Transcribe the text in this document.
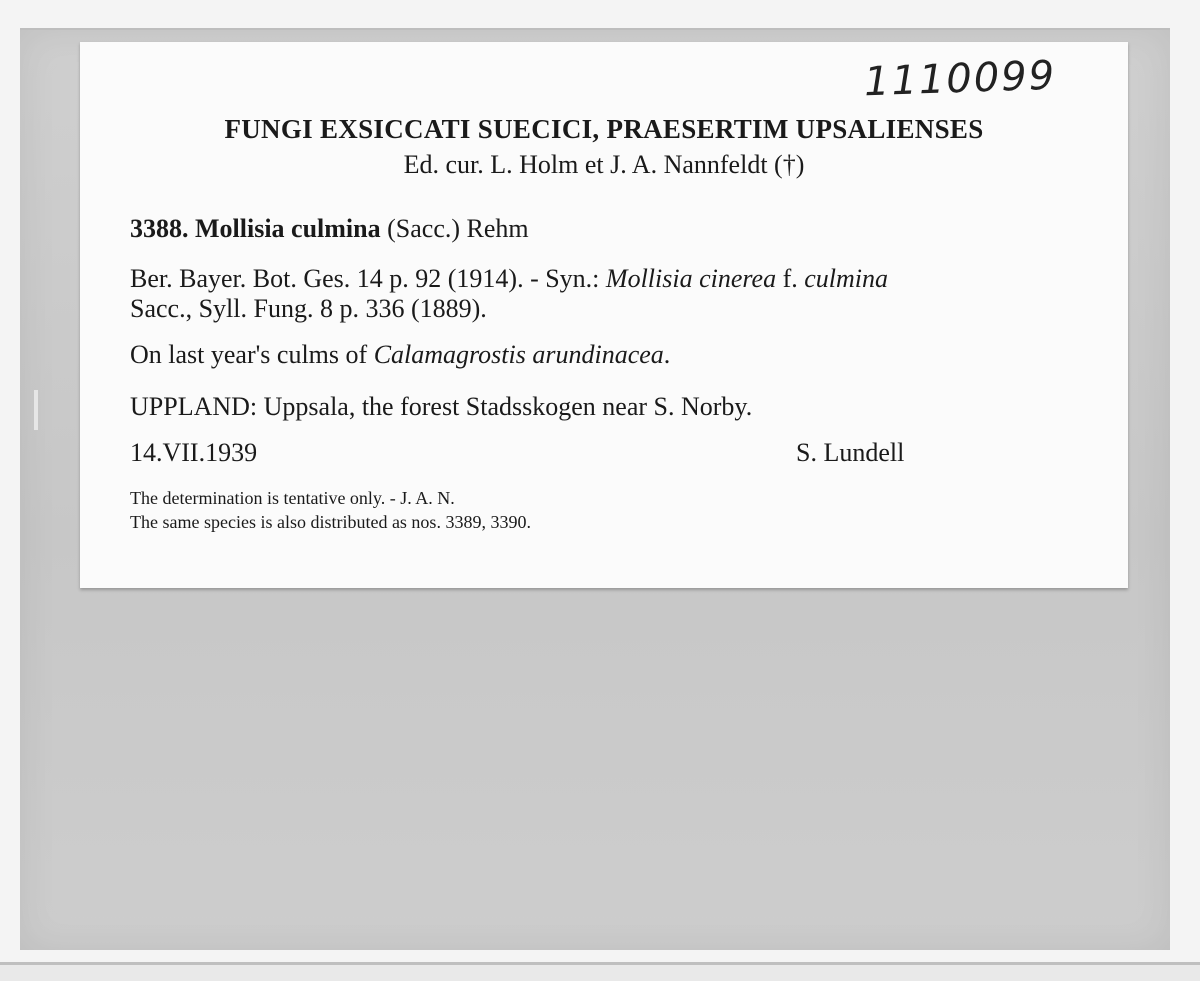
1110099
FUNGI EXSICCATI SUECICI, PRAESERTIM UPSALIENSES
Ed. cur. L. Holm et J. A. Nannfeldt (†)
3388. Mollisia culmina (Sacc.) Rehm
Ber. Bayer. Bot. Ges. 14 p. 92 (1914). - Syn.: Mollisia cinerea f. culmina
Sacc., Syll. Fung. 8 p. 336 (1889).
On last year's culms of Calamagrostis arundinacea.
UPPLAND: Uppsala, the forest Stadsskogen near S. Norby.
14.VII.1939	S. Lundell
The determination is tentative only. - J. A. N.
The same species is also distributed as nos. 3389, 3390.
